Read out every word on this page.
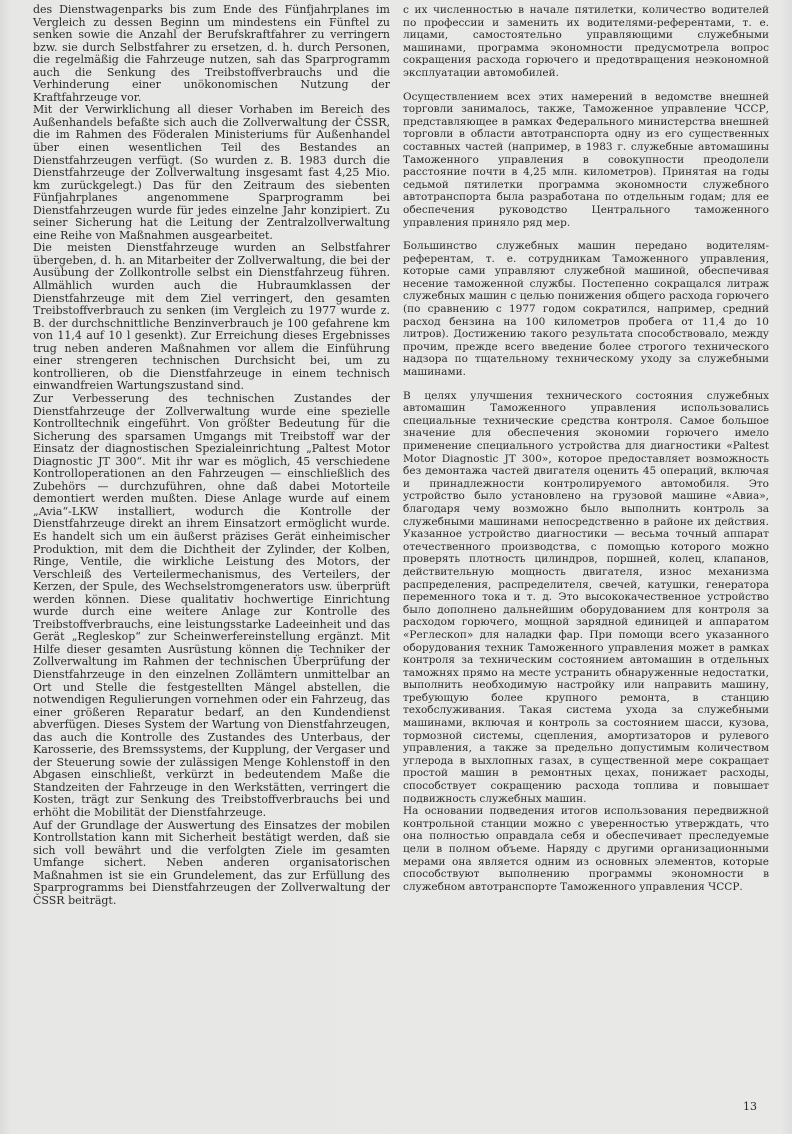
des Dienstwagenparks bis zum Ende des Fünfjahrplanes im Vergleich zu dessen Beginn um mindestens ein Fünftel zu senken sowie die Anzahl der Berufskraftfahrer zu verringern bzw. sie durch Selbstfahrer zu ersetzen, d. h. durch Personen, die regelmäßig die Fahrzeuge nutzen, sah das Sparprogramm auch die Senkung des Treibstoffverbrauchs und die Verhinderung einer unökonomischen Nutzung der Kraftfahrzeuge vor.

Mit der Verwirklichung all dieser Vorhaben im Bereich des Außenhandels befaßte sich auch die Zollverwaltung der ČSSR, die im Rahmen des Föderalen Ministeriums für Außenhandel über einen wesentlichen Teil des Bestandes an Dienstfahrzeugen verfügt. (So wurden z. B. 1983 durch die Dienstfahrzeuge der Zollverwaltung insgesamt fast 4,25 Mio. km zurückgelegt.) Das für den Zeitraum des siebenten Fünfjahrplanes angenommene Sparprogramm bei Dienstfahrzeugen wurde für jedes einzelne Jahr konzipiert. Zu seiner Sicherung hat die Leitung der Zentralzollverwaltung eine Reihe von Maßnahmen ausgearbeitet.

Die meisten Dienstfahrzeuge wurden an Selbstfahrer übergeben, d. h. an Mitarbeiter der Zollverwaltung, die bei der Ausübung der Zollkontrolle selbst ein Dienstfahrzeug führen. Allmählich wurden auch die Hubraumklassen der Dienstfahrzeuge mit dem Ziel verringert, den gesamten Treibstoffverbrauch zu senken (im Vergleich zu 1977 wurde z. B. der durchschnittliche Benzinverbrauch je 100 gefahrene km von 11,4 auf 10 l gesenkt). Zur Erreichung dieses Ergebnisses trug neben anderen Maßnahmen vor allem die Einführung einer strengeren technischen Durchsicht bei, um zu kontrollieren, ob die Dienstfahrzeuge in einem technisch einwandfreien Wartungszustand sind.

Zur Verbesserung des technischen Zustandes der Dienstfahrzeuge der Zollverwaltung wurde eine spezielle Kontrolltechnik eingeführt. Von größter Bedeutung für die Sicherung des sparsamen Umgangs mit Treibstoff war der Einsatz der diagnostischen Spezialeinrichtung „Paltest Motor Diagnostic JT 300“. Mit ihr war es möglich, 45 verschiedene Kontrolloperationen an den Fahrzeugen — einschließlich des Zubehörs — durchzuführen, ohne daß dabei Motorteile demontiert werden mußten. Diese Anlage wurde auf einem „Avia“-LKW installiert, wodurch die Kontrolle der Dienstfahrzeuge direkt an ihrem Einsatzort ermöglicht wurde. Es handelt sich um ein äußerst präzises Gerät einheimischer Produktion, mit dem die Dichtheit der Zylinder, der Kolben, Ringe, Ventile, die wirkliche Leistung des Motors, der Verschleiß des Verteilermechanismus, des Verteilers, der Kerzen, der Spule, des Wechselstromgenerators usw. überprüft werden können. Diese qualitativ hochwertige Einrichtung wurde durch eine weitere Anlage zur Kontrolle des Treibstoffverbrauchs, eine leistungsstarke Ladeeinheit und das Gerät „Regleskop“ zur Scheinwerfereinstellung ergänzt. Mit Hilfe dieser gesamten Ausrüstung können die Techniker der Zollverwaltung im Rahmen der technischen Überprüfung der Dienstfahrzeuge in den einzelnen Zollämtern unmittelbar an Ort und Stelle die festgestellten Mängel abstellen, die notwendigen Regulierungen vornehmen oder ein Fahrzeug, das einer größeren Reparatur bedarf, an den Kundendienst abverfügen. Dieses System der Wartung von Dienstfahrzeugen, das auch die Kontrolle des Zustandes des Unterbaus, der Karosserie, des Bremssystems, der Kupplung, der Vergaser und der Steuerung sowie der zulässigen Menge Kohlenstoff in den Abgasen einschließt, verkürzt in bedeutendem Maße die Standzeiten der Fahrzeuge in den Werkstätten, verringert die Kosten, trägt zur Senkung des Treibstoffverbrauchs bei und erhöht die Mobilität der Dienstfahrzeuge.

Auf der Grundlage der Auswertung des Einsatzes der mobilen Kontrollstation kann mit Sicherheit bestätigt werden, daß sie sich voll bewährt und die verfolgten Ziele im gesamten Umfange sichert. Neben anderen organisatorischen Maßnahmen ist sie ein Grundelement, das zur Erfüllung des Sparprogramms bei Dienstfahrzeugen der Zollverwaltung der ČSSR beiträgt.

с их численностью в начале пятилетки, количество водителей по профессии и заменить их водителями-референтами, т. е. лицами, самостоятельно управляющими служебными машинами, программа экономности предусмотрела вопрос сокращения расхода горючего и предотвращения неэкономной эксплуатации автомобилей.

Осуществлением всех этих намерений в ведомстве внешней торговли занималось, также, Таможенное управление ЧССР, представляющее в рамках Федерального министерства внешней торговли в области автотранспорта одну из его существенных составных частей (например, в 1983 г. служебные автомашины Таможенного управления в совокупности преодолели расстояние почти в 4,25 млн. километров). Принятая на годы седьмой пятилетки программа экономности служебного автотранспорта была разработана по отдельным годам; для ее обеспечения руководство Центрального таможенного управления приняло ряд мер.

Большинство служебных машин передано водителям-референтам, т. е. сотрудникам Таможенного управления, которые сами управляют служебной машиной, обеспечивая несение таможенной службы. Постепенно сокращался литраж служебных машин с целью понижения общего расхода горючего (по сравнению с 1977 годом сократился, например, средний расход бензина на 100 километров пробега от 11,4 до 10 литров). Достижению такого результата способствовало, между прочим, прежде всего введение более строгого технического надзора по тщательному техническому уходу за служебными машинами.

В целях улучшения технического состояния служебных автомашин Таможенного управления использовались специальные технические средства контроля. Самое большое значение для обеспечения экономии горючего имело применение специального устройства для диагностики «Paltest Motor Diagnostic JT 300», которое предоставляет возможность без демонтажа частей двигателя оценить 45 операций, включая и принадлежности контролируемого автомобиля. Это устройство было установлено на грузовой машине «Авиа», благодаря чему возможно было выполнить контроль за служебными машинами непосредственно в районе их действия. Указанное устройство диагностики — весьма точный аппарат отечественного производства, с помощью которого можно проверять плотность цилиндров, поршней, колец, клапанов, действительную мощность двигателя, износ механизма распределения, распределителя, свечей, катушки, генератора переменного тока и т. д. Это высококачественное устройство было дополнено дальнейшим оборудованием для контроля за расходом горючего, мощной зарядной единицей и аппаратом «Реглескоп» для наладки фар. При помощи всего указанного оборудования техник Таможенного управления может в рамках контроля за техническим состоянием автомашин в отдельных таможнях прямо на месте устранить обнаруженные недостатки, выполнить необходимую настройку или направить машину, требующую более крупного ремонта, в станцию техобслуживания. Такая система ухода за служебными машинами, включая и контроль за состоянием шасси, кузова, тормозной системы, сцепления, амортизаторов и рулевого управления, а также за предельно допустимым количеством углерода в выхлопных газах, в существенной мере сокращает простой машин в ремонтных цехах, понижает расходы, способствует сокращению расхода топлива и повышает подвижность служебных машин.

На основании подведения итогов использования передвижной контрольной станции можно с уверенностью утверждать, что она полностью оправдала себя и обеспечивает преследуемые цели в полном объеме. Наряду с другими организационными мерами она является одним из основных элементов, которые способствуют выполнению программы экономности в служебном автотранспорте Таможенного управления ЧССР.

13
